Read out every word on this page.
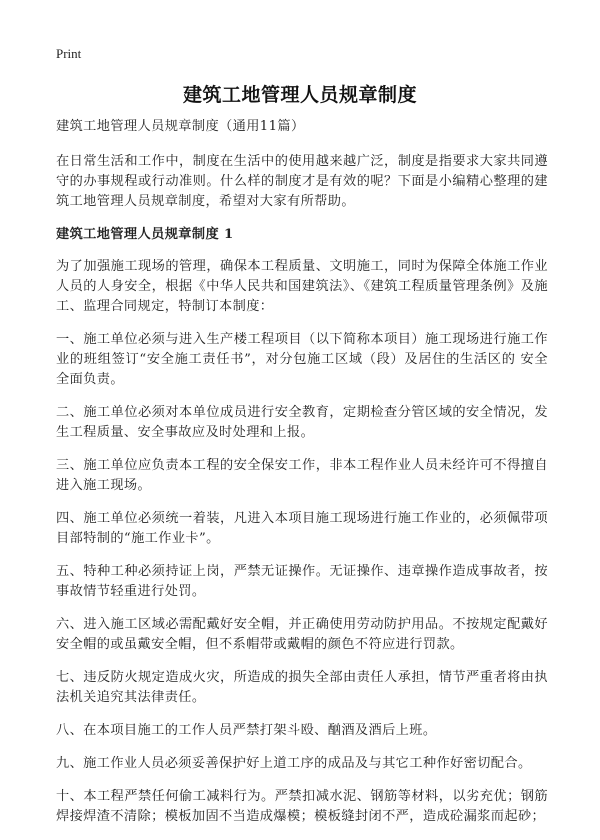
Print
建筑工地管理人员规章制度

建筑工地管理人员规章制度（通用11篇）

在日常生活和工作中，制度在生活中的使用越来越广泛，制度是指要求大家共同遵守的办事规程或行动准则。什么样的制度才是有效的呢？下面是小编精心整理的建筑工地管理人员规章制度，希望对大家有所帮助。

建筑工地管理人员规章制度 1

为了加强施工现场的管理，确保本工程质量、文明施工，同时为保障全体施工作业人员的人身安全，根据《中华人民共和国建筑法》、《建筑工程质量管理条例》及施工、监理合同规定，特制订本制度：

一、施工单位必须与进入生产楼工程项目（以下简称本项目）施工现场进行施工作业的班组签订“安全施工责任书”，对分包施工区域（段）及居住的生活区的 安全全面负责。

二、施工单位必须对本单位成员进行安全教育，定期检查分管区域的安全情况，发生工程质量、安全事故应及时处理和上报。

三、施工单位应负责本工程的安全保安工作，非本工程作业人员未经许可不得擅自进入施工现场。

四、施工单位必须统一着装，凡进入本项目施工现场进行施工作业的，必须佩带项目部特制的“施工作业卡”。

五、特种工种必须持证上岗，严禁无证操作。无证操作、违章操作造成事故者，按事故情节轻重进行处罚。

六、进入施工区域必需配戴好安全帽，并正确使用劳动防护用品。不按规定配戴好安全帽的或虽戴安全帽，但不系帽带或戴帽的颜色不符应进行罚款。

七、违反防火规定造成火灾，所造成的损失全部由责任人承担，情节严重者将由执法机关追究其法律责任。

八、在本项目施工的工作人员严禁打架斗殴、酗酒及酒后上班。

九、施工作业人员必须妥善保护好上道工序的成品及与其它工种作好密切配合。

十、本工程严禁任何偷工减料行为。严禁扣减水泥、钢筋等材料，以劣充优；钢筋焊接焊渣不清除；模板加固不当造成爆模；模板缝封闭不严，造成砼漏浆而起砂；
